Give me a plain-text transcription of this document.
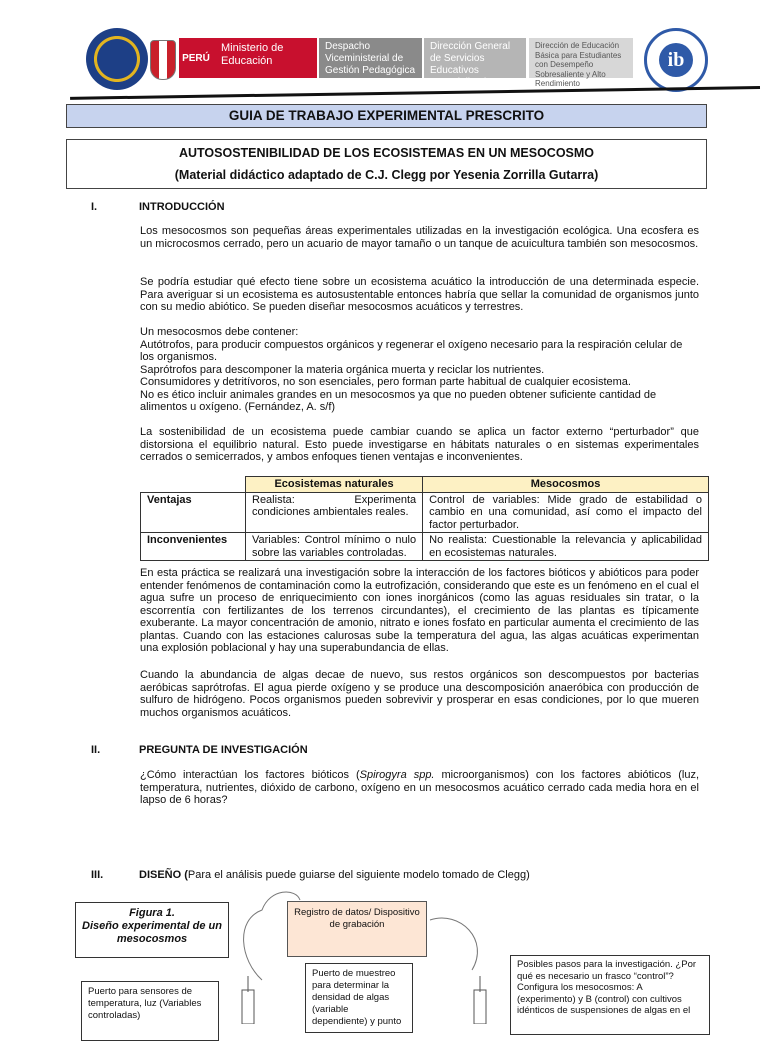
PERÚ
Ministerio de Educación
Despacho Viceministerial de Gestión Pedagógica
Dirección General de Servicios Educativos Especializados
Dirección de Educación Básica para Estudiantes con Desempeño Sobresaliente y Alto Rendimiento
ib
GUIA DE TRABAJO EXPERIMENTAL PRESCRITO
AUTOSOSTENIBILIDAD DE LOS ECOSISTEMAS EN UN MESOCOSMO
(Material didáctico adaptado de C.J. Clegg por Yesenia Zorrilla Gutarra)
I.	INTRODUCCIÓN

Los mesocosmos son pequeñas áreas experimentales utilizadas en la investigación ecológica. Una ecosfera es un microcosmos cerrado, pero un acuario de mayor tamaño o un tanque de acuicultura también son mesocosmos.

Se podría estudiar qué efecto tiene sobre un ecosistema acuático la introducción de una determinada especie. Para averiguar si un ecosistema es autosustentable entonces habría que sellar la comunidad de organismos junto con su medio abiótico. Se pueden diseñar mesocosmos acuáticos y terrestres.

Un mesocosmos debe contener:

Autótrofos, para producir compuestos orgánicos y regenerar el oxígeno necesario para la respiración celular de los organismos.

Saprótrofos para descomponer la materia orgánica muerta y reciclar los nutrientes.

Consumidores y detritívoros, no son esenciales, pero forman parte habitual de cualquier ecosistema.

No es ético incluir animales grandes en un mesocosmos ya que no pueden obtener suficiente cantidad de alimentos u oxígeno. (Fernández, A. s/f)

La sostenibilidad de un ecosistema puede cambiar cuando se aplica un factor externo “perturbador” que distorsiona el equilibrio natural. Esto puede investigarse en hábitats naturales o en sistemas experimentales cerrados o semicerrados, y ambos enfoques tienen ventajas e inconvenientes.

	Ecosistemas naturales	Mesocosmos
Ventajas	Realista: Experimenta condiciones ambientales reales.	Control de variables: Mide grado de estabilidad o cambio en una comunidad, así como el impacto del factor perturbador.
Inconvenientes	Variables: Control mínimo o nulo sobre las variables controladas.	No realista: Cuestionable la relevancia y aplicabilidad en ecosistemas naturales.

En esta práctica se realizará una investigación sobre la interacción de los factores bióticos y abióticos para poder entender fenómenos de contaminación como la eutrofización, considerando que este es un fenómeno en el cual el agua sufre un proceso de enriquecimiento con iones inorgánicos (como las aguas residuales sin tratar, o la escorrentía con fertilizantes de los terrenos circundantes), el crecimiento de las plantas es típicamente exuberante. La mayor concentración de amonio, nitrato e iones fosfato en particular aumenta el crecimiento de las plantas. Cuando con las estaciones calurosas sube la temperatura del agua, las algas acuáticas experimentan una explosión poblacional y hay una superabundancia de ellas.

Cuando la abundancia de algas decae de nuevo, sus restos orgánicos son descompuestos por bacterias aeróbicas saprótrofas. El agua pierde oxígeno y se produce una descomposición anaeróbica con producción de sulfuro de hidrógeno. Pocos organismos pueden sobrevivir y prosperar en esas condiciones, por lo que mueren muchos organismos acuáticos.

II.	PREGUNTA DE INVESTIGACIÓN

¿Cómo interactúan los factores bióticos (Spirogyra spp. microorganismos) con los factores abióticos (luz, temperatura, nutrientes, dióxido de carbono, oxígeno en un mesocosmos acuático cerrado cada media hora en el lapso de 6 horas?

III.	DISEÑO (Para el análisis puede guiarse del siguiente modelo tomado de Clegg)
Figura 1.
Diseño experimental de un mesocosmos
Registro de datos/ Dispositivo de grabación
Puerto para sensores de temperatura, luz (Variables controladas)
Puerto de muestreo para determinar la densidad de algas (variable dependiente) y punto
Posibles pasos para la investigación. ¿Por qué es necesario un frasco “control”? Configura los mesocosmos: A (experimento) y B (control) con cultivos idénticos de suspensiones de algas en el
